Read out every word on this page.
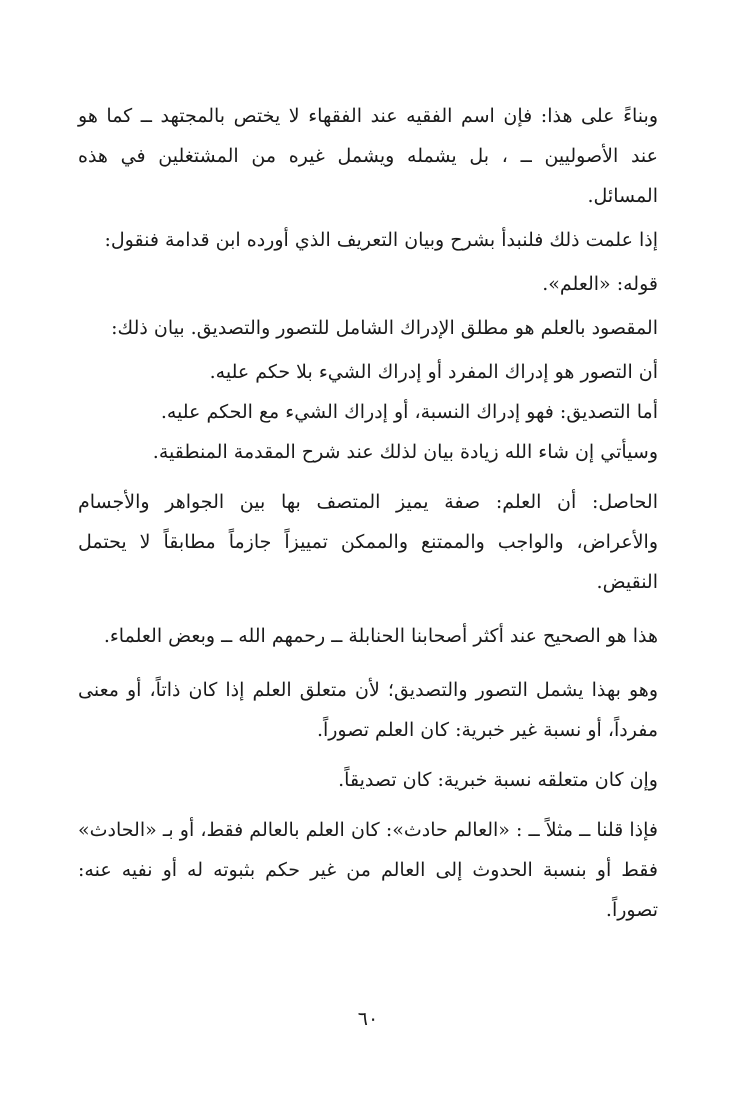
وبناءً على هذا: فإن اسم الفقيه عند الفقهاء لا يختص بالمجتهد ــ كما هو عند الأصوليين ــ ، بل يشمله ويشمل غيره من المشتغلين في هذه المسائل.

إذا علمت ذلك فلنبدأ بشرح وبيان التعريف الذي أورده ابن قدامة فنقول:

قوله: «العلم».

المقصود بالعلم هو مطلق الإدراك الشامل للتصور والتصديق. بيان ذلك:

أن التصور هو إدراك المفرد أو إدراك الشيء بلا حكم عليه.

أما التصديق: فهو إدراك النسبة، أو إدراك الشيء مع الحكم عليه.

وسيأتي إن شاء الله زيادة بيان لذلك عند شرح المقدمة المنطقية.

الحاصل: أن العلم: صفة يميز المتصف بها بين الجواهر والأجسام والأعراض، والواجب والممتنع والممكن تمييزاً جازماً مطابقاً لا يحتمل النقيض.

هذا هو الصحيح عند أكثر أصحابنا الحنابلة ــ رحمهم الله ــ وبعض العلماء.

وهو بهذا يشمل التصور والتصديق؛ لأن متعلق العلم إذا كان ذاتاً، أو معنى مفرداً، أو نسبة غير خبرية: كان العلم تصوراً.

وإن كان متعلقه نسبة خبرية: كان تصديقاً.

فإذا قلنا ــ مثلاً ــ : «العالم حادث»: كان العلم بالعالم فقط، أو بـ «الحادث» فقط أو بنسبة الحدوث إلى العالم من غير حكم بثبوته له أو نفيه عنه: تصوراً.

٦٠
